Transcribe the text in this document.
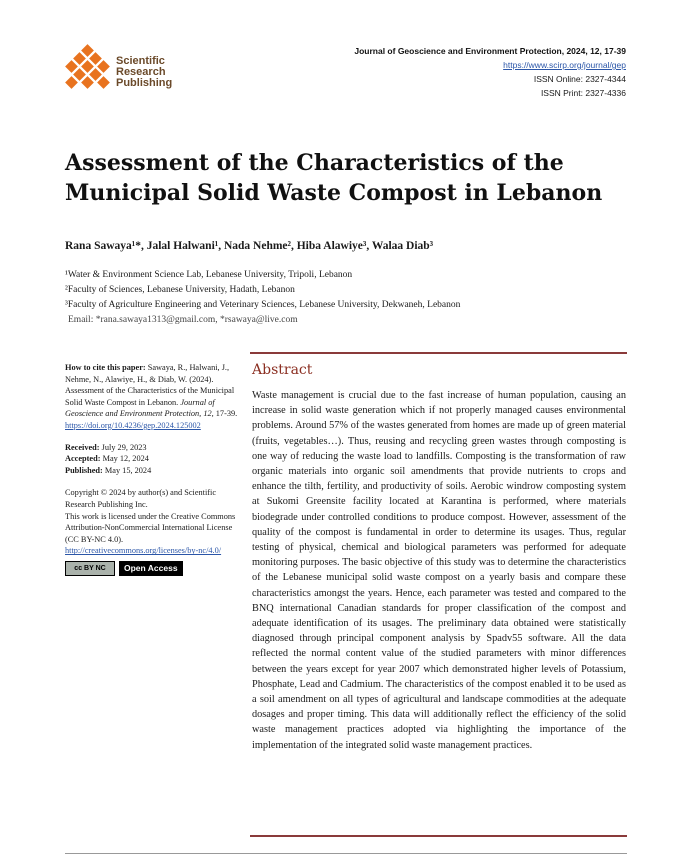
Scientific
Research
Publishing
Journal of Geoscience and Environment Protection, 2024, 12, 17-39
https://www.scirp.org/journal/gep
ISSN Online: 2327-4344
ISSN Print: 2327-4336
Assessment of the Characteristics of the Municipal Solid Waste Compost in Lebanon
Rana Sawaya¹*, Jalal Halwani¹, Nada Nehme², Hiba Alawiye³, Walaa Diab³
¹Water & Environment Science Lab, Lebanese University, Tripoli, Lebanon
²Faculty of Sciences, Lebanese University, Hadath, Lebanon
³Faculty of Agriculture Engineering and Veterinary Sciences, Lebanese University, Dekwaneh, Lebanon
Email: *rana.sawaya1313@gmail.com, *rsawaya@live.com

How to cite this paper: Sawaya, R., Halwani, J., Nehme, N., Alawiye, H., & Diab, W. (2024). Assessment of the Characteristics of the Municipal Solid Waste Compost in Lebanon. Journal of Geoscience and Environment Protection, 12, 17-39.
https://doi.org/10.4236/gep.2024.125002

Received: July 29, 2023
Accepted: May 12, 2024
Published: May 15, 2024
Copyright © 2024 by author(s) and Scientific Research Publishing Inc.
This work is licensed under the Creative Commons Attribution-NonCommercial International License (CC BY-NC 4.0).
http://creativecommons.org/licenses/by-nc/4.0/
cc BY NC	Open Access
Abstract
Waste management is crucial due to the fast increase of human population, causing an increase in solid waste generation which if not properly managed causes environmental problems. Around 57% of the wastes generated from homes are made up of green material (fruits, vegetables…). Thus, reusing and recycling green wastes through composting is one way of reducing the waste load to landfills. Composting is the transformation of raw organic materials into organic soil amendments that provide nutrients to crops and enhance the tilth, fertility, and productivity of soils. Aerobic windrow composting system at Sukomi Greensite facility located at Karantina is performed, where materials biodegrade under controlled conditions to produce compost. However, assessment of the quality of the compost is fundamental in order to determine its usages. Thus, regular testing of physical, chemical and biological parameters was performed for adequate monitoring purposes. The basic objective of this study was to determine the characteristics of the Lebanese municipal solid waste compost on a yearly basis and compare these characteristics amongst the years. Hence, each parameter was tested and compared to the BNQ international Canadian standards for proper classification of the compost and adequate identification of its usages. The preliminary data obtained were statistically diagnosed through principal component analysis by Spadv55 software. All the data reflected the normal content value of the studied parameters with minor differences between the years except for year 2007 which demonstrated higher levels of Potassium, Phosphate, Lead and Cadmium. The characteristics of the compost enabled it to be used as a soil amendment on all types of agricultural and landscape commodities at the adequate dosages and proper timing. This data will additionally reflect the efficiency of the solid waste management practices adopted via highlighting the importance of the implementation of the integrated solid waste management practices.
